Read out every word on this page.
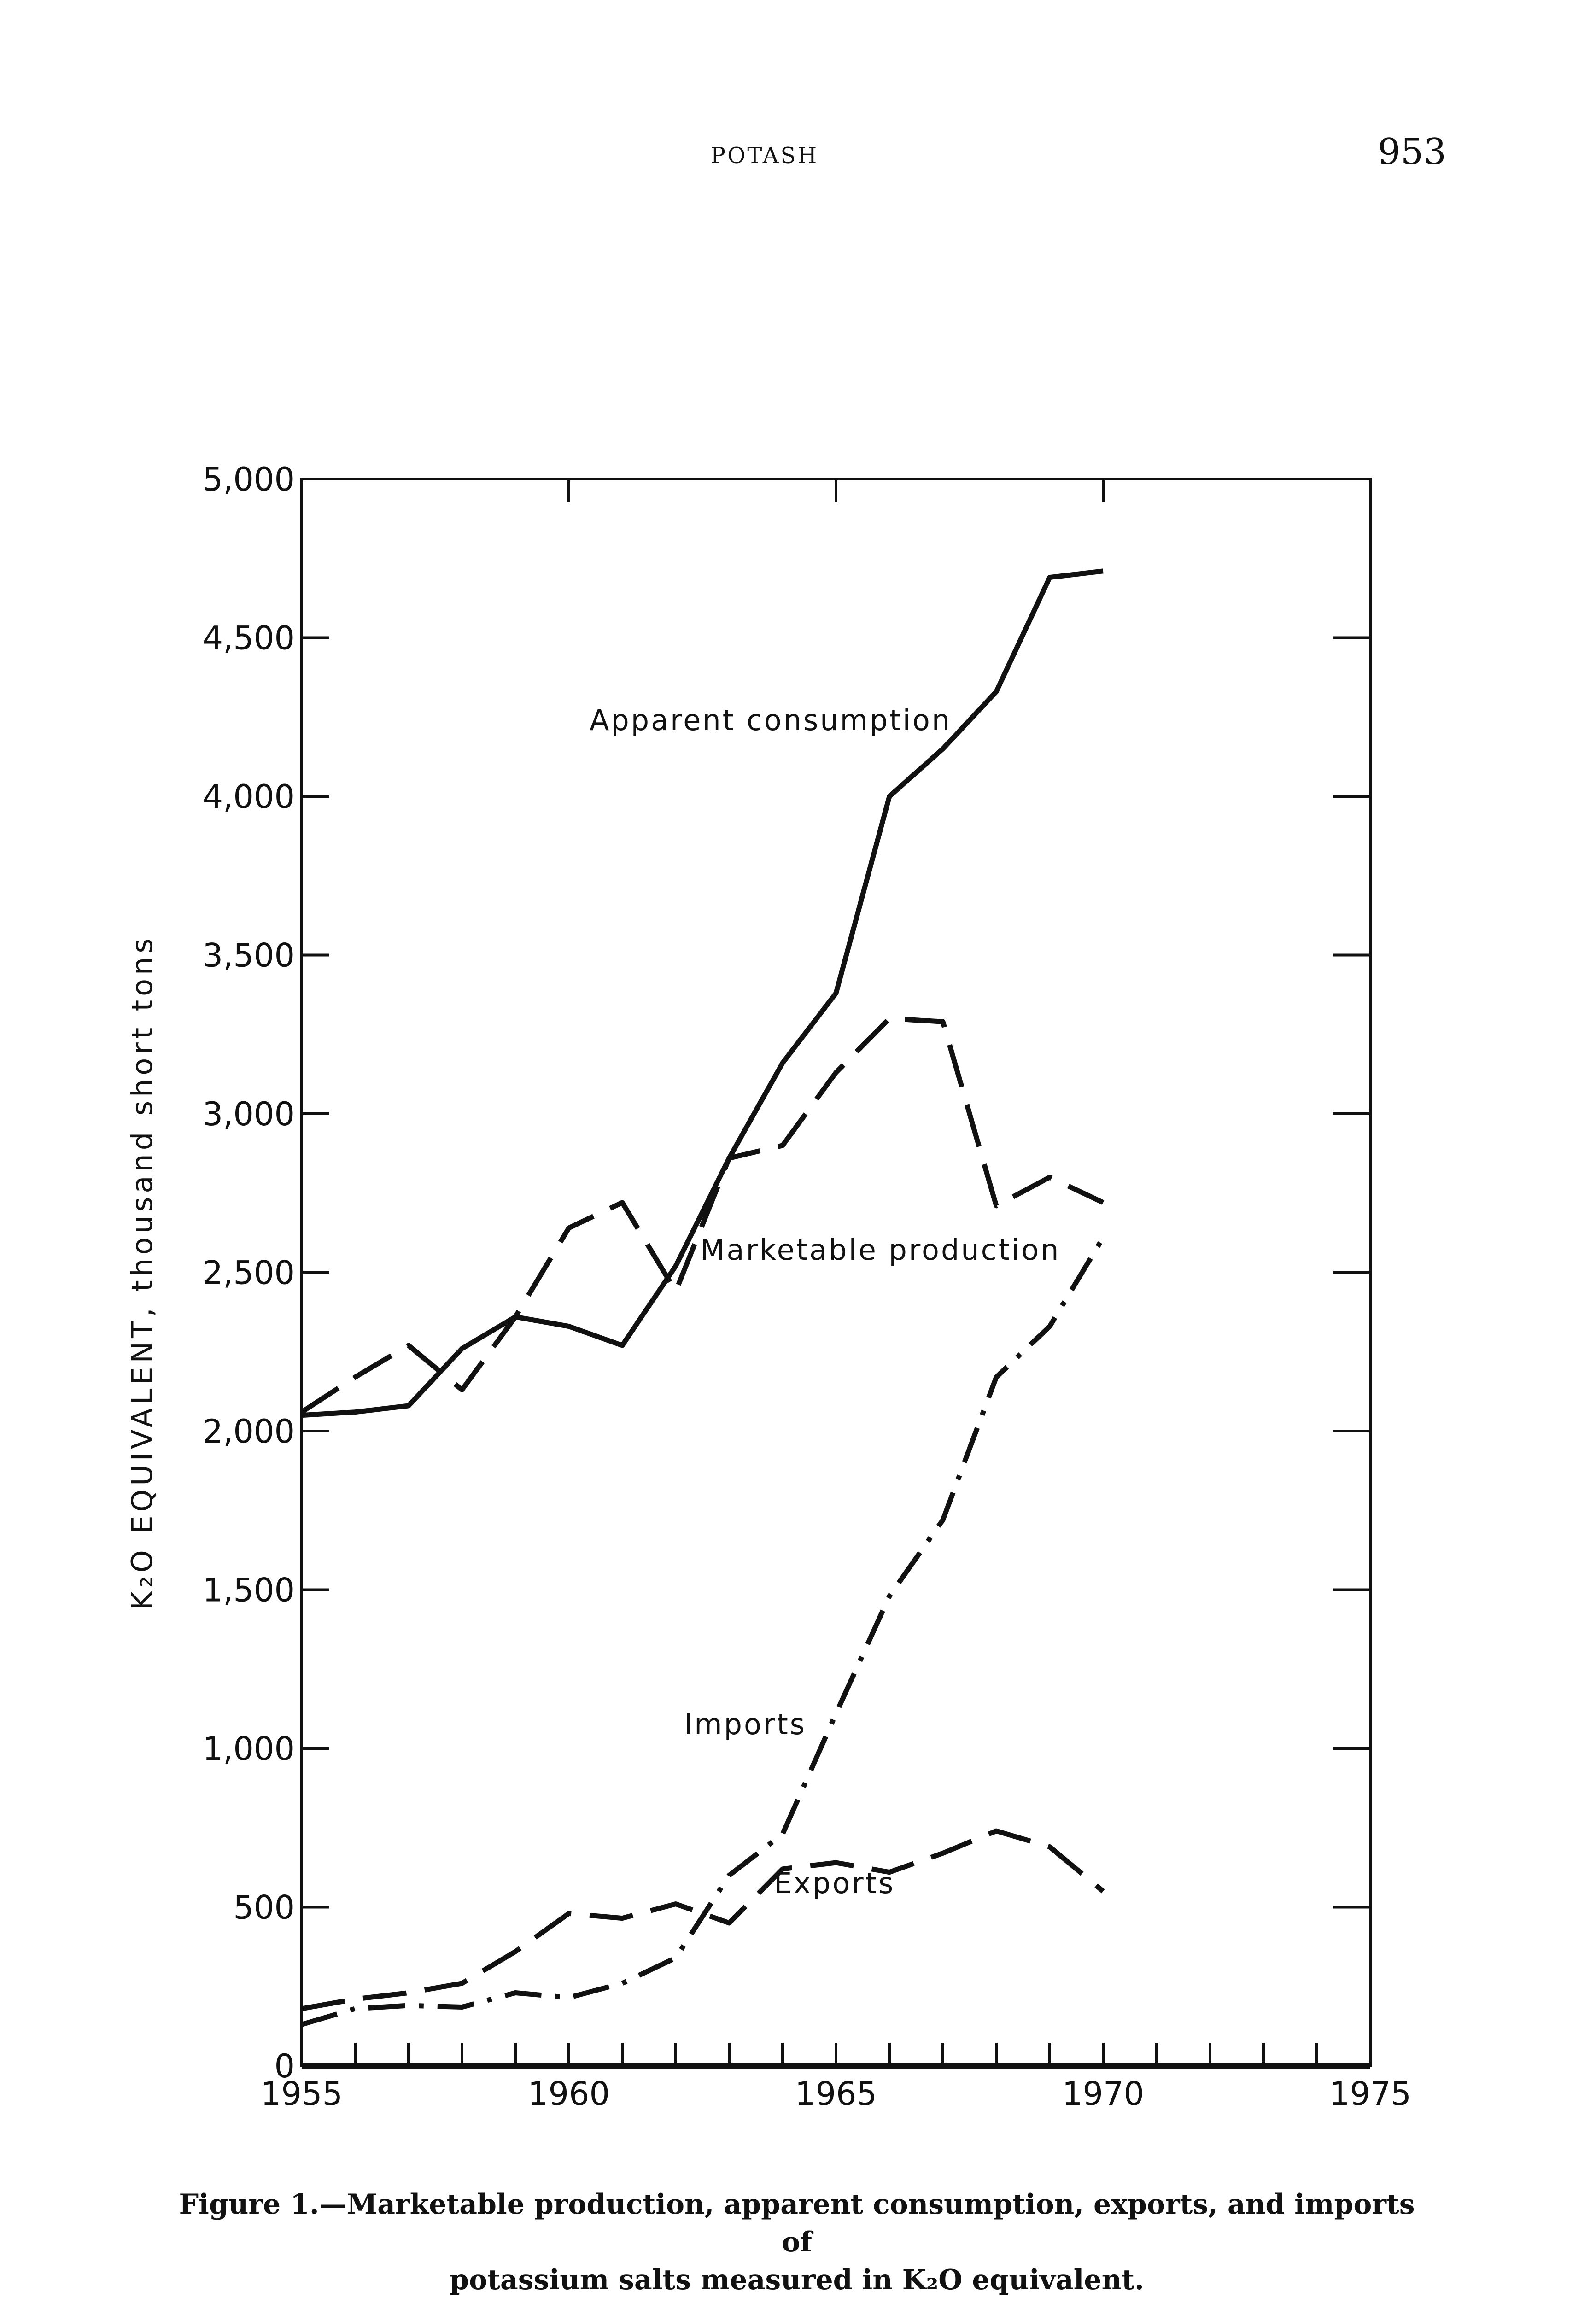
POTASH	953
1955	1960	1965	1970	1975
0
500
1,000
1,500
2,000
2,500
3,000
3,500
4,000
4,500
5,000
Apparent consumption
Marketable production
Imports
Exports
K₂O EQUIVALENT, thousand short tons
Figure 1.—Marketable production, apparent consumption, exports, and imports of
potassium salts measured in K₂O equivalent.
